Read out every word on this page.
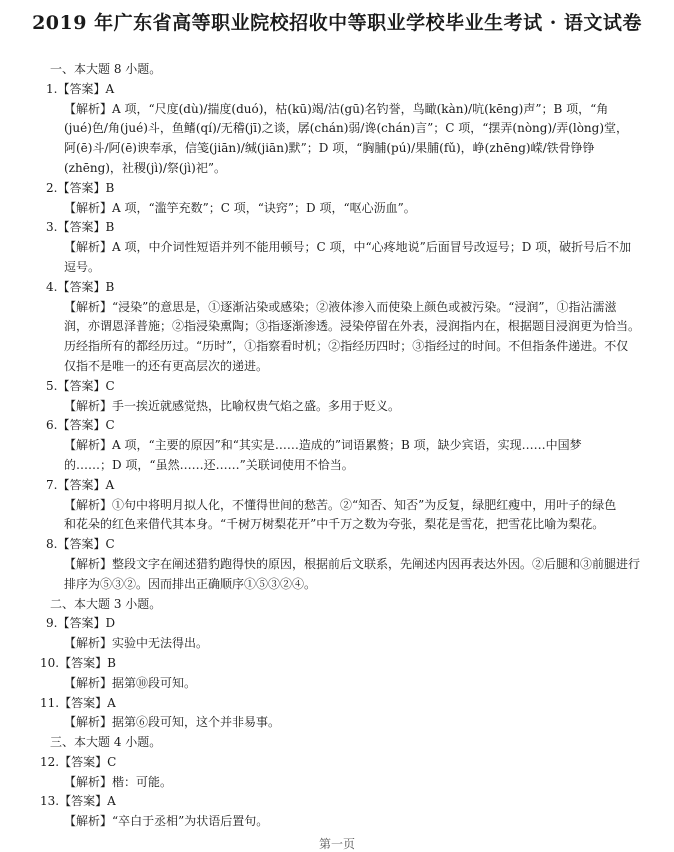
2019 年广东省高等职业院校招收中等职业学校毕业生考试 · 语文试卷
一、本大题 8 小题。
1.【答案】A
【解析】A 项，“尺度(dù)/揣度(duó)，枯(kū)竭/沽(gū)名钓誉，鸟瞰(kàn)/吭(kēng)声”；B 项，“角
(jué)色/角(jué)斗，鱼鳍(qí)/无稽(jī)之谈，孱(chán)弱/谗(chán)言”；C 项，“摆弄(nòng)/弄(lòng)堂，
阿(ē)斗/阿(ē)谀奉承，信笺(jiān)/缄(jiān)默”；D 项，“胸脯(pú)/果脯(fǔ)，峥(zhēng)嵘/铁骨铮铮
(zhēng)，社稷(jì)/祭(jì)祀”。
2.【答案】B
【解析】A 项，“滥竽充数”；C 项，“诀窍”；D 项，“呕心沥血”。
3.【答案】B
【解析】A 项，中介词性短语并列不能用顿号；C 项，中“心疼地说”后面冒号改逗号；D 项，破折号后不加
逗号。
4.【答案】B
【解析】“浸染”的意思是，①逐渐沾染或感染；②液体渗入而使染上颜色或被污染。“浸润”，①指沾濡滋
润，亦谓恩泽普施；②指浸染熏陶；③指逐渐渗透。浸染停留在外表，浸润指内在，根据题目浸润更为恰当。
历经指所有的都经历过。“历时”，①指察看时机；②指经历四时；③指经过的时间。不但指条件递进。不仅
仅指不是唯一的还有更高层次的递进。
5.【答案】C
【解析】手一挨近就感觉热，比喻权贵气焰之盛。多用于贬义。
6.【答案】C
【解析】A 项，“主要的原因”和“其实是……造成的”词语累赘；B 项，缺少宾语，实现……中国梦
的……；D 项，“虽然……还……”关联词使用不恰当。
7.【答案】A
【解析】①句中将明月拟人化，不懂得世间的愁苦。②“知否、知否”为反复，绿肥红瘦中，用叶子的绿色
和花朵的红色来借代其本身。“千树万树梨花开”中千万之数为夸张，梨花是雪花，把雪花比喻为梨花。
8.【答案】C
【解析】整段文字在阐述猎豹跑得快的原因，根据前后文联系，先阐述内因再表达外因。②后腿和③前腿进行
排序为⑤③②。因而排出正确顺序①⑤③②④。
二、本大题 3 小题。
9.【答案】D
【解析】实验中无法得出。
10.【答案】B
【解析】据第⑩段可知。
11.【答案】A
【解析】据第⑥段可知，这个并非易事。
三、本大题 4 小题。
12.【答案】C
【解析】楷：可能。
13.【答案】A
【解析】“卒白于丞相”为状语后置句。
第一页
